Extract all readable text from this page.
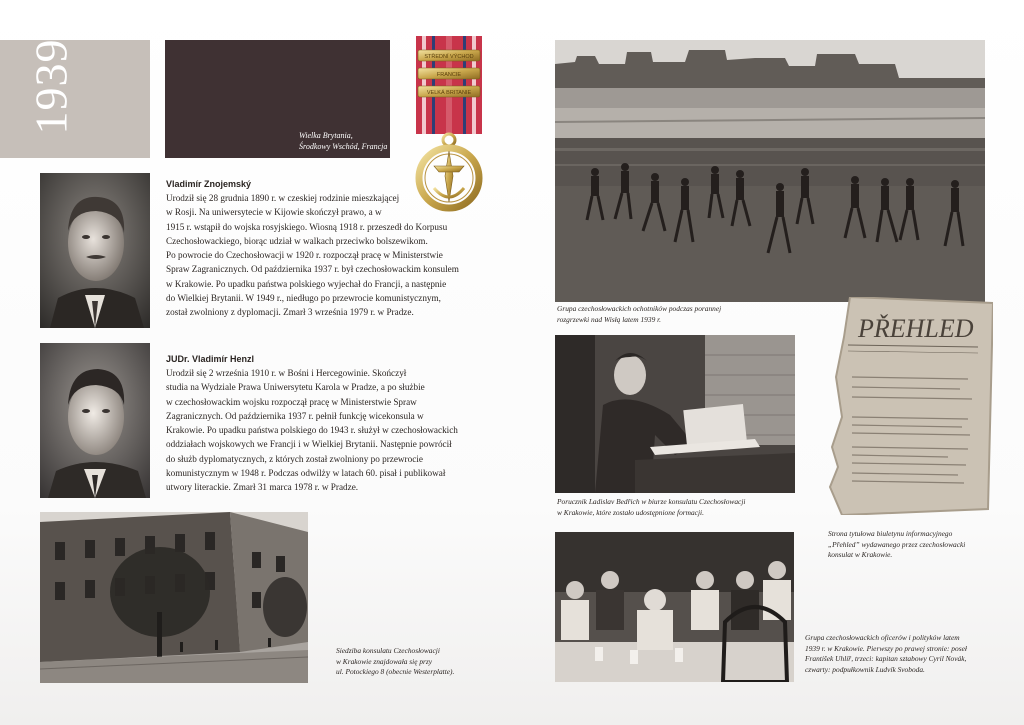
1939
Wielka Brytania,
Środkowy Wschód, Francja
STŘEDNÍ VÝCHOD
FRANCIE
VELKÁ BRITANIE
Vladimír Znojemský
Urodził się 28 grudnia 1890 r. w czeskiej rodzinie mieszkającej
w Rosji. Na uniwersytecie w Kijowie skończył prawo, a w
1915 r. wstąpił do wojska rosyjskiego. Wiosną 1918 r. przeszedł do Korpusu
Czechosłowackiego, biorąc udział w walkach przeciwko bolszewikom.
Po powrocie do Czechosłowacji w 1920 r. rozpoczął pracę w Ministerstwie
Spraw Zagranicznych. Od października 1937 r. był czechosłowackim konsulem
w Krakowie. Po upadku państwa polskiego wyjechał do Francji, a następnie
do Wielkiej Brytanii. W 1949 r., niedługo po przewrocie komunistycznym,
został zwolniony z dyplomacji. Zmarł 3 września 1979 r. w Pradze.
JUDr. Vladimír Henzl
Urodził się 2 września 1910 r. w Bośni i Hercegowinie. Skończył
studia na Wydziale Prawa Uniwersytetu Karola w Pradze, a po służbie
w czechosłowackim wojsku rozpoczął pracę w Ministerstwie Spraw
Zagranicznych. Od października 1937 r. pełnił funkcję wicekonsula w
Krakowie. Po upadku państwa polskiego do 1943 r. służył w czechosłowackich
oddziałach wojskowych we Francji i w Wielkiej Brytanii. Następnie powrócił
do służb dyplomatycznych, z których został zwolniony po przewrocie
komunistycznym w 1948 r. Podczas odwilży w latach 60. pisał i publikował
utwory literackie. Zmarł 31 marca 1978 r. w Pradze.
Siedziba konsulatu Czechosłowacji
w Krakowie znajdowała się przy
ul. Potockiego 8 (obecnie Westerplatte).
Grupa czechosłowackich ochotników podczas porannej
rozgrzewki nad Wisłą latem 1939 r.
Porucznik Ladislav Bedřich w biurze konsulatu Czechosłowacji
w Krakowie, które zostało udostępnione formacji.
PŘEHLED
Strona tytułowa biuletynu informacyjnego
„Přehled” wydawanego przez czechosłowacki
konsulat w Krakowie.
Grupa czechosłowackich oficerów i polityków latem
1939 r. w Krakowie. Pierwszy po prawej stronie: poseł
František Uhlíř, trzeci: kapitan sztabowy Cyril Novák,
czwarty: podpułkownik Ludvík Svoboda.
